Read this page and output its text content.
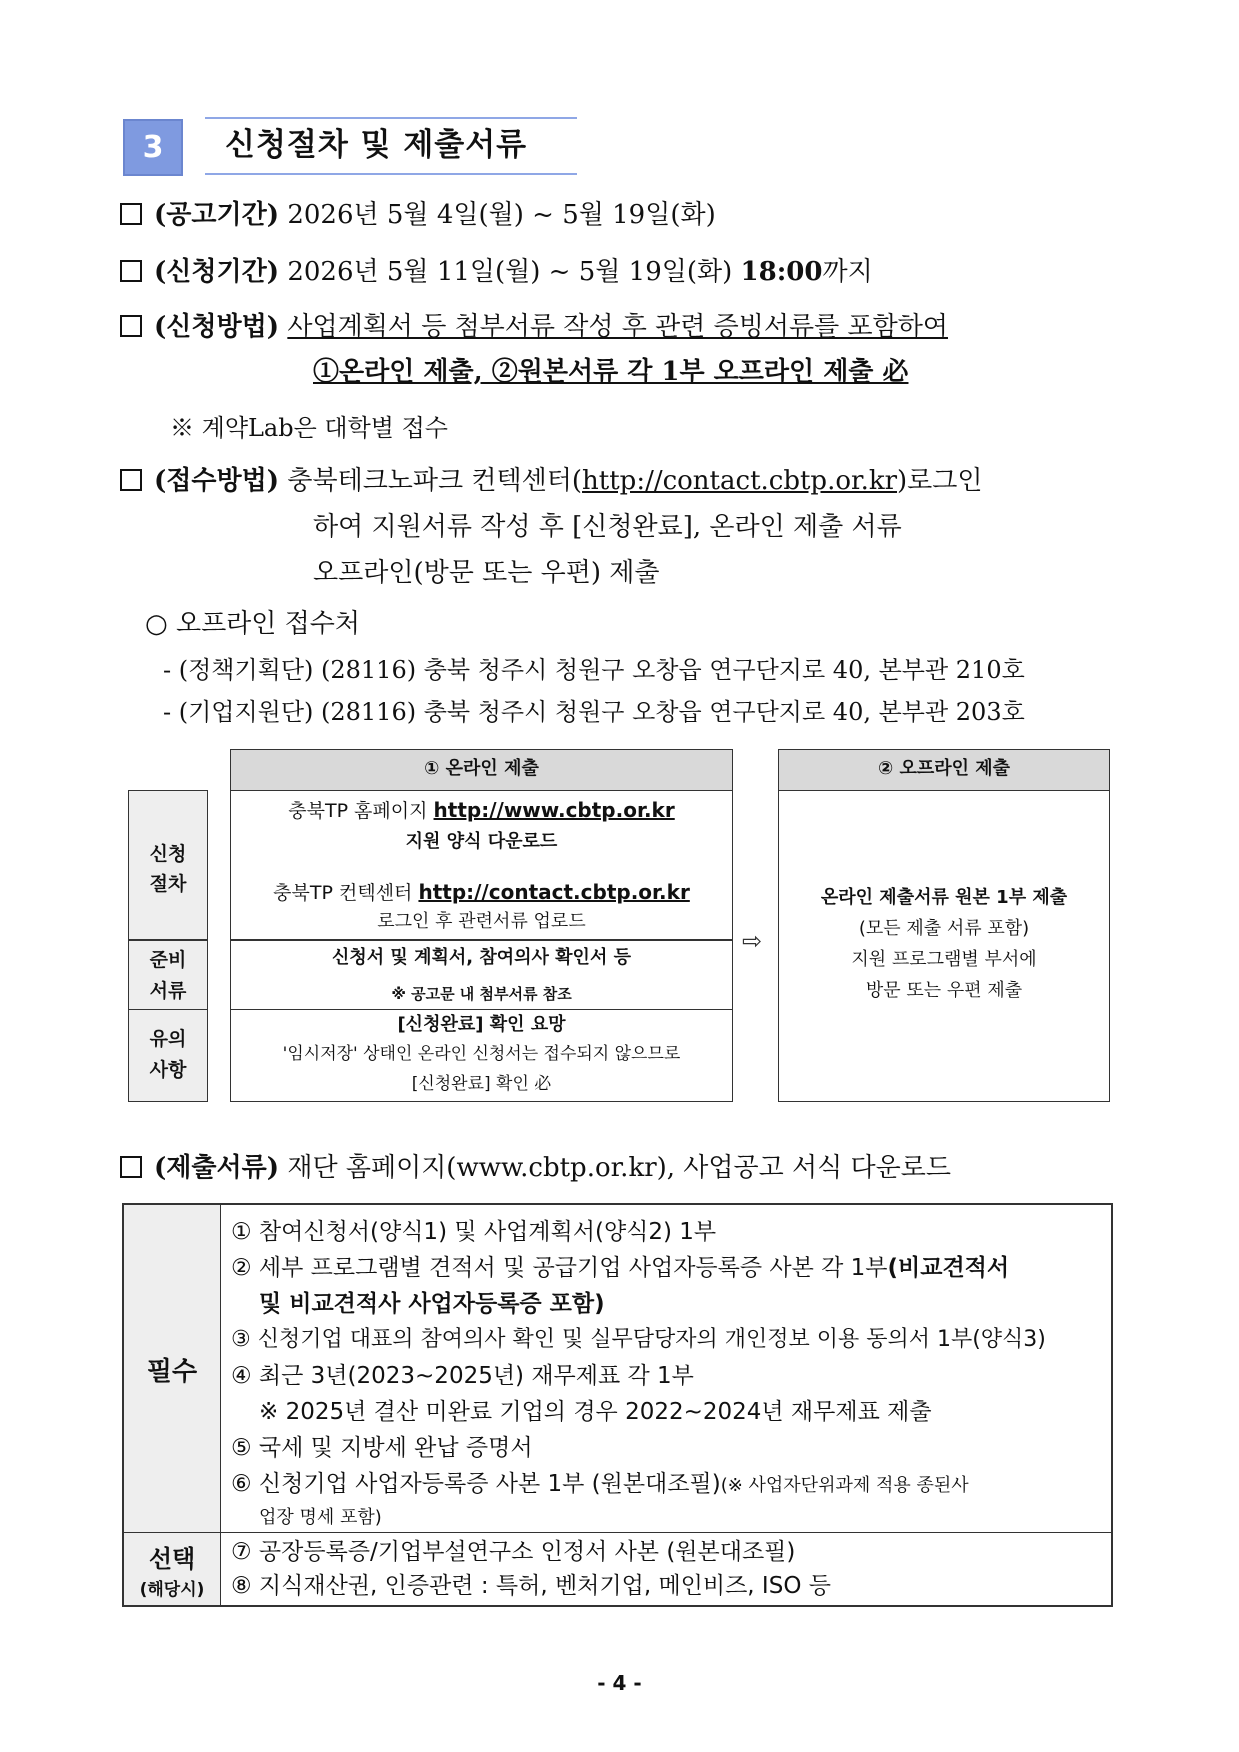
3	신청절차 및 제출서류
(공고기간) 2026년 5월 4일(월) ~ 5월 19일(화)
(신청기간) 2026년 5월 11일(월) ~ 5월 19일(화) 18:00까지
(신청방법) 사업계획서 등 첨부서류 작성 후 관련 증빙서류를 포함하여
①온라인 제출, ②원본서류 각 1부 오프라인 제출 必
※ 계약Lab은 대학별 접수
(접수방법) 충북테크노파크 컨텍센터(http://contact.cbtp.or.kr)로그인
하여 지원서류 작성 후 [신청완료], 온라인 제출 서류
오프라인(방문 또는 우편) 제출
○ 오프라인 접수처
- (정책기획단) (28116) 충북 청주시 청원구 오창읍 연구단지로 40, 본부관 210호
- (기업지원단) (28116) 충북 청주시 청원구 오창읍 연구단지로 40, 본부관 203호
① 온라인 제출	② 오프라인 제출
신청
절차
준비
서류
유의
사항
충북TP 홈페이지 http://www.cbtp.or.kr
지원 양식 다운로드
충북TP 컨텍센터 http://contact.cbtp.or.kr
로그인 후 관련서류 업로드
신청서 및 계획서, 참여의사 확인서 등
※ 공고문 내 첨부서류 참조
[신청완료] 확인 요망
'임시저장' 상태인 온라인 신청서는 접수되지 않으므로
[신청완료] 확인 必
⇨
온라인 제출서류 원본 1부 제출
(모든 제출 서류 포함)
지원 프로그램별 부서에
방문 또는 우편 제출
(제출서류) 재단 홈페이지(www.cbtp.or.kr), 사업공고 서식 다운로드
필수
① 참여신청서(양식1) 및 사업계획서(양식2) 1부
② 세부 프로그램별 견적서 및 공급기업 사업자등록증 사본 각 1부(비교견적서
및 비교견적사 사업자등록증 포함)
③ 신청기업 대표의 참여의사 확인 및 실무담당자의 개인정보 이용 동의서 1부(양식3)
④ 최근 3년(2023~2025년) 재무제표 각 1부
※ 2025년 결산 미완료 기업의 경우 2022~2024년 재무제표 제출
⑤ 국세 및 지방세 완납 증명서
⑥ 신청기업 사업자등록증 사본 1부 (원본대조필)(※ 사업자단위과제 적용 종된사
업장 명세 포함)
선택
(해당시)
⑦ 공장등록증/기업부설연구소 인정서 사본 (원본대조필)
⑧ 지식재산권, 인증관련 : 특허, 벤처기업, 메인비즈, ISO 등
- 4 -
